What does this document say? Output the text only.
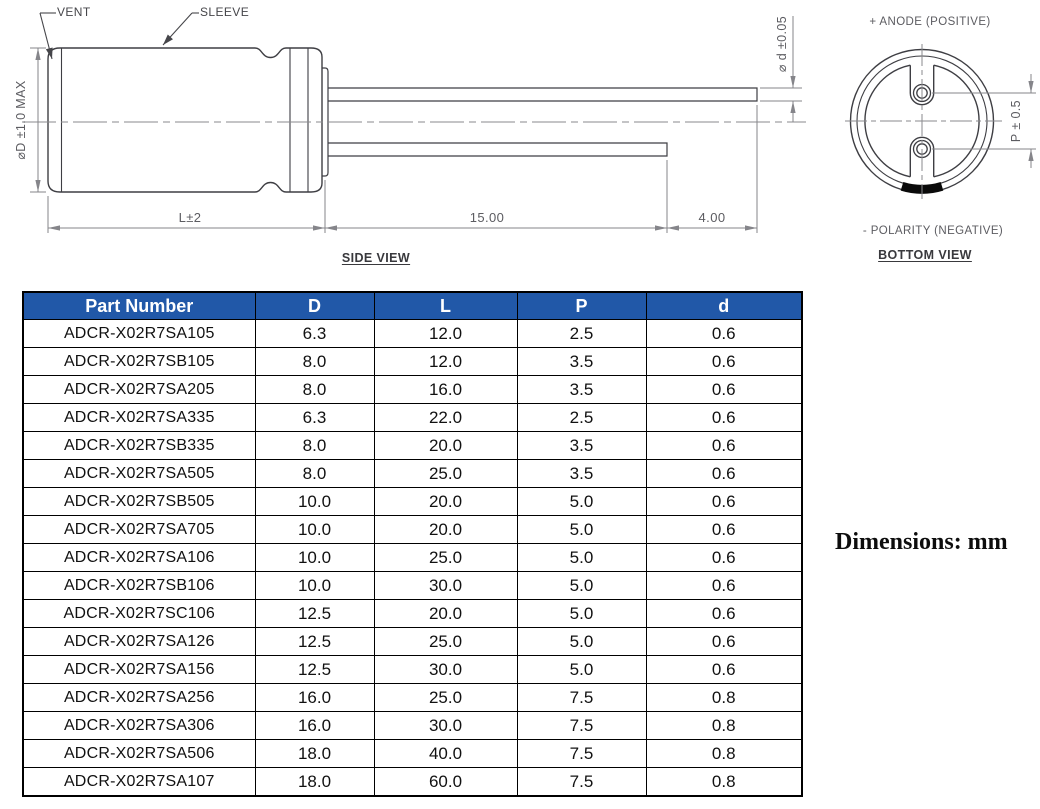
VENT	SLEEVE
⌀D ±1.0 MAX
L±2	15.00	4.00
⌀ d ±0.05
SIDE VIEW
+ ANODE (POSITIVE)
P ± 0.5
- POLARITY (NEGATIVE)
BOTTOM VIEW
Dimensions: mm
Part Number	D	L	P	d
ADCR-X02R7SA105	6.3	12.0	2.5	0.6
ADCR-X02R7SB105	8.0	12.0	3.5	0.6
ADCR-X02R7SA205	8.0	16.0	3.5	0.6
ADCR-X02R7SA335	6.3	22.0	2.5	0.6
ADCR-X02R7SB335	8.0	20.0	3.5	0.6
ADCR-X02R7SA505	8.0	25.0	3.5	0.6
ADCR-X02R7SB505	10.0	20.0	5.0	0.6
ADCR-X02R7SA705	10.0	20.0	5.0	0.6
ADCR-X02R7SA106	10.0	25.0	5.0	0.6
ADCR-X02R7SB106	10.0	30.0	5.0	0.6
ADCR-X02R7SC106	12.5	20.0	5.0	0.6
ADCR-X02R7SA126	12.5	25.0	5.0	0.6
ADCR-X02R7SA156	12.5	30.0	5.0	0.6
ADCR-X02R7SA256	16.0	25.0	7.5	0.8
ADCR-X02R7SA306	16.0	30.0	7.5	0.8
ADCR-X02R7SA506	18.0	40.0	7.5	0.8
ADCR-X02R7SA107	18.0	60.0	7.5	0.8
